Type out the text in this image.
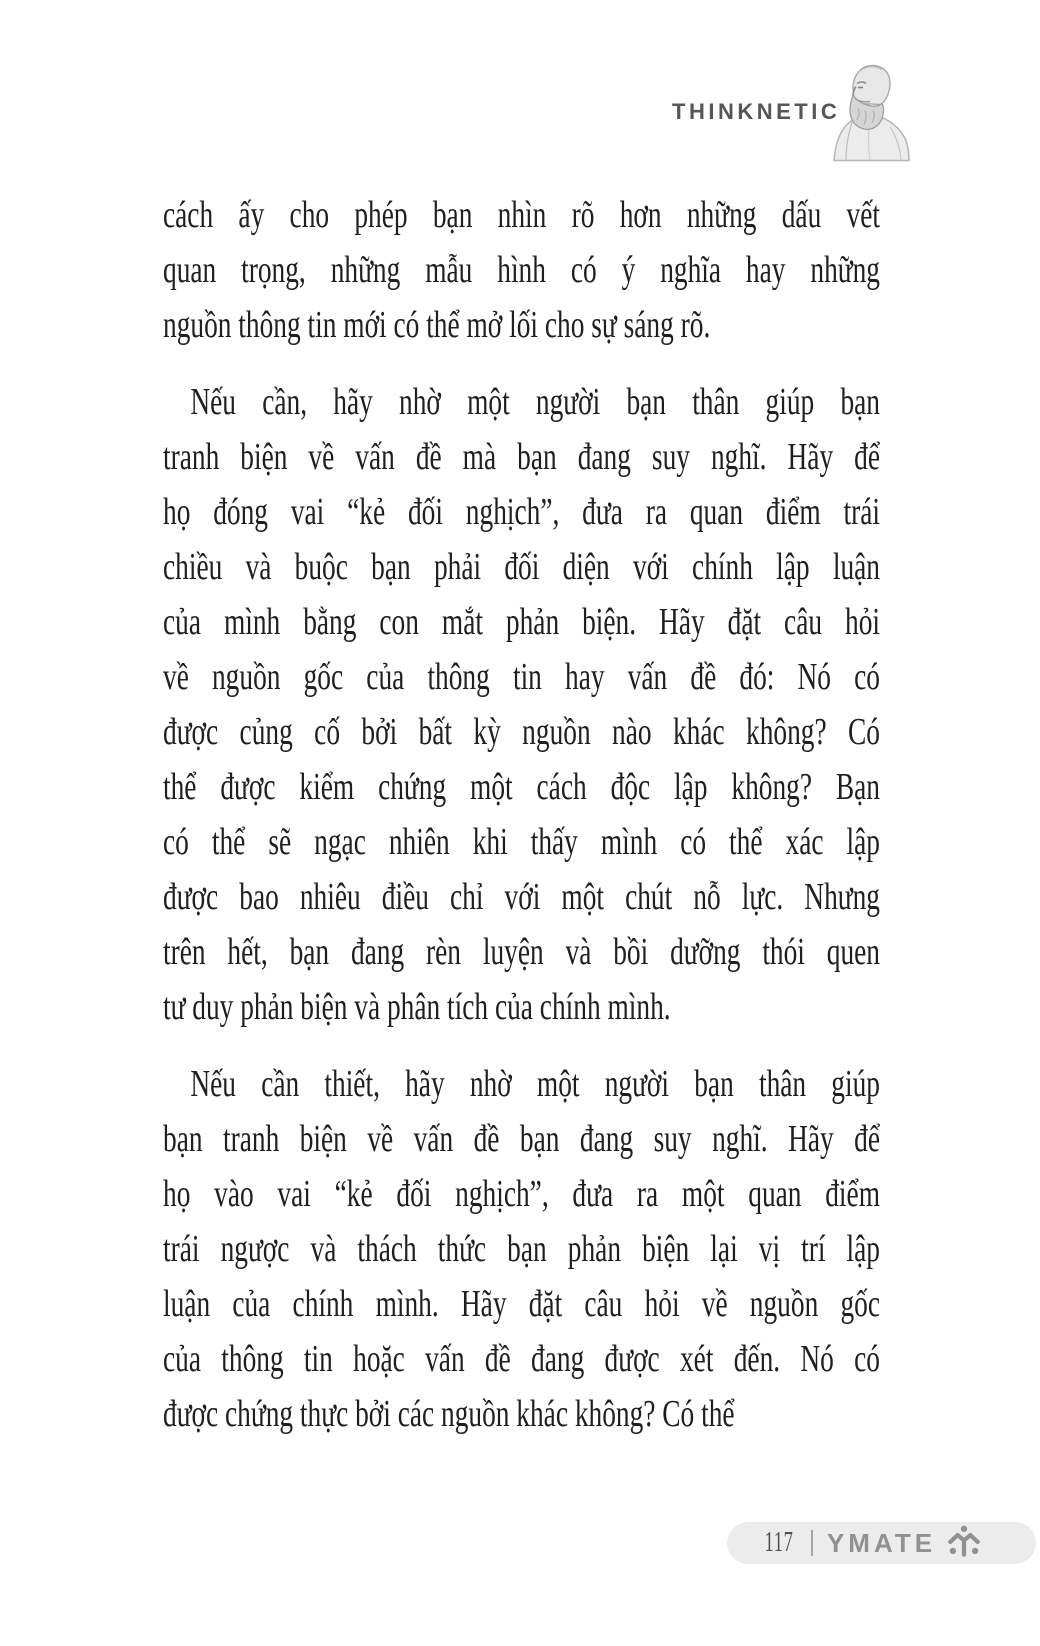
THINKNETIC
cách ấy cho phép bạn nhìn rõ hơn những dấu vết
quan trọng, những mẫu hình có ý nghĩa hay những
nguồn thông tin mới có thể mở lối cho sự sáng rõ.
Nếu cần, hãy nhờ một người bạn thân giúp bạn
tranh biện về vấn đề mà bạn đang suy nghĩ. Hãy để
họ đóng vai “kẻ đối nghịch”, đưa ra quan điểm trái
chiều và buộc bạn phải đối diện với chính lập luận
của mình bằng con mắt phản biện. Hãy đặt câu hỏi
về nguồn gốc của thông tin hay vấn đề đó: Nó có
được củng cố bởi bất kỳ nguồn nào khác không? Có
thể được kiểm chứng một cách độc lập không? Bạn
có thể sẽ ngạc nhiên khi thấy mình có thể xác lập
được bao nhiêu điều chỉ với một chút nỗ lực. Nhưng
trên hết, bạn đang rèn luyện và bồi dưỡng thói quen
tư duy phản biện và phân tích của chính mình.
Nếu cần thiết, hãy nhờ một người bạn thân giúp
bạn tranh biện về vấn đề bạn đang suy nghĩ. Hãy để
họ vào vai “kẻ đối nghịch”, đưa ra một quan điểm
trái ngược và thách thức bạn phản biện lại vị trí lập
luận của chính mình. Hãy đặt câu hỏi về nguồn gốc
của thông tin hoặc vấn đề đang được xét đến. Nó có
được chứng thực bởi các nguồn khác không? Có thể
117 YMATE
